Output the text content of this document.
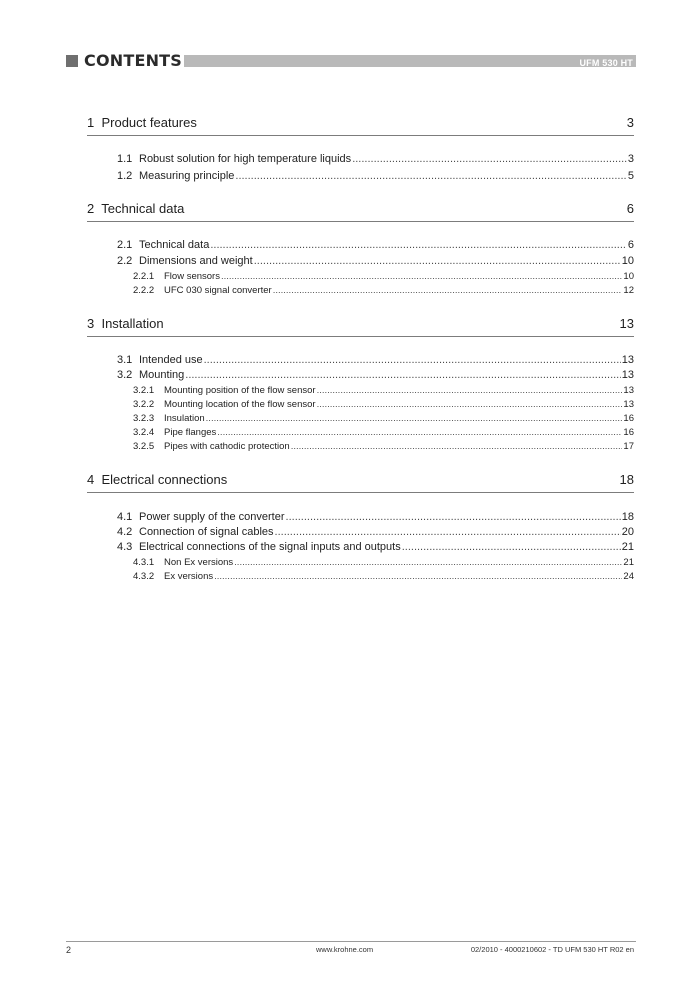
CONTENTS	UFM 530 HT
1 Product features	3
1.1 Robust solution for high temperature liquids .....	3
1.2 Measuring principle .....	5
2 Technical data	6
2.1 Technical data .....	6
2.2 Dimensions and weight .....	10
2.2.1	Flow sensors .....	10
2.2.2	UFC 030 signal converter .....	12
3 Installation	13
3.1 Intended use .....	13
3.2 Mounting .....	13
3.2.1	Mounting position of the flow sensor .....	13
3.2.2	Mounting location of the flow sensor .....	13
3.2.3	Insulation .....	16
3.2.4	Pipe flanges .....	16
3.2.5	Pipes with cathodic protection .....	17
4 Electrical connections	18
4.1 Power supply of the converter .....	18
4.2 Connection of signal cables .....	20
4.3 Electrical connections of the signal inputs and outputs .....	21
4.3.1	Non Ex versions .....	21
4.3.2	Ex versions .....	24
2	www.krohne.com	02/2010 - 4000210602 - TD UFM 530 HT R02 en
